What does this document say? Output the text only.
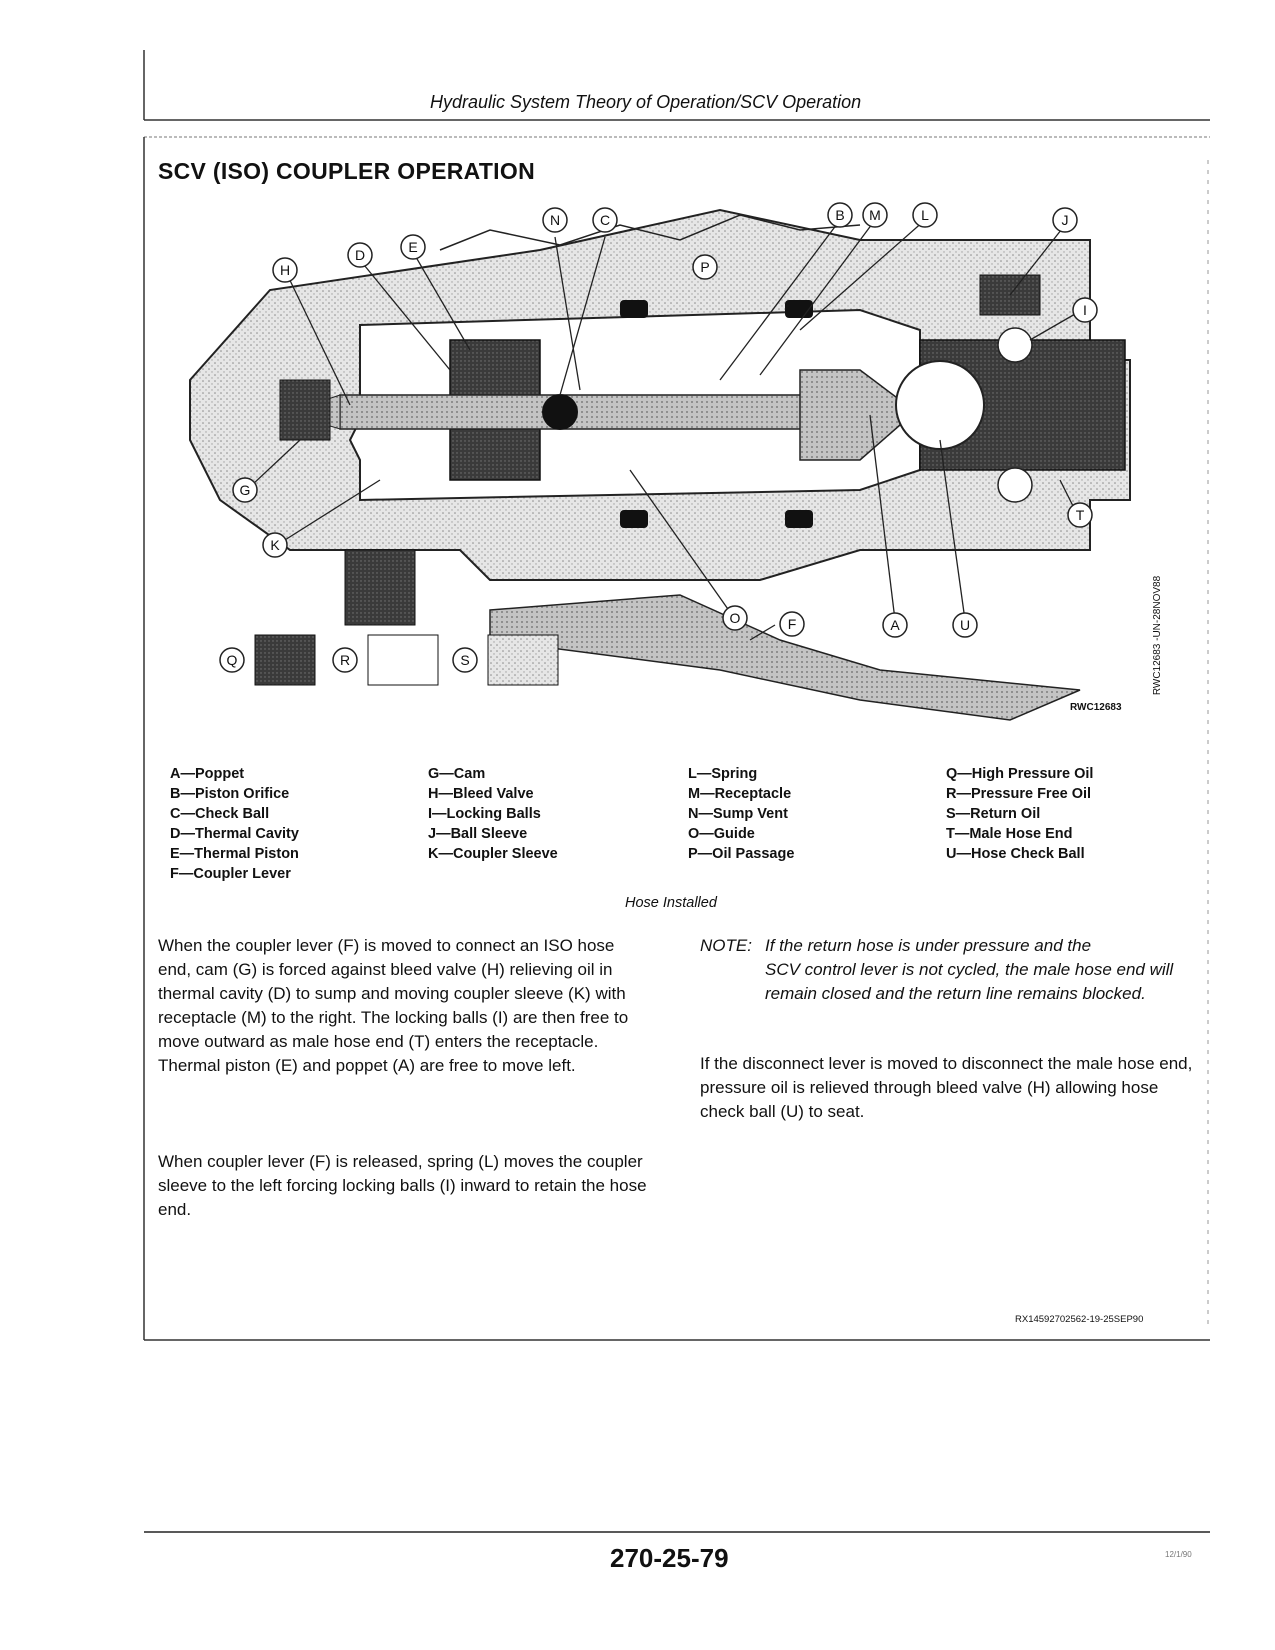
Hydraulic System Theory of Operation/SCV Operation
SCV (ISO) COUPLER OPERATION
N	C
D	E
H	P
B M	L	J
I
G
K
T
O	F	A	U
Q	R	S
RWC12683
RWC12683 -UN-28NOV88
A—Poppet
B—Piston Orifice
C—Check Ball
D—Thermal Cavity
E—Thermal Piston
F—Coupler Lever
G—Cam
H—Bleed Valve
I—Locking Balls
J—Ball Sleeve
K—Coupler Sleeve
L—Spring
M—Receptacle
N—Sump Vent
O—Guide
P—Oil Passage
Q—High Pressure Oil
R—Pressure Free Oil
S—Return Oil
T—Male Hose End
U—Hose Check Ball
Hose Installed
When the coupler lever (F) is moved to connect an ISO hose end, cam (G) is forced against bleed valve (H) relieving oil in thermal cavity (D) to sump and moving coupler sleeve (K) with receptacle (M) to the right. The locking balls (I) are then free to move outward as male hose end (T) enters the receptacle. Thermal piston (E) and poppet (A) are free to move left.
When coupler lever (F) is released, spring (L) moves the coupler sleeve to the left forcing locking balls (I) inward to retain the hose end.
NOTE: If the return hose is under pressure and the
SCV control lever is not cycled, the male hose end will remain closed and the return line remains blocked.
If the disconnect lever is moved to disconnect the male hose end, pressure oil is relieved through bleed valve (H) allowing hose check ball (U) to seat.
RX14592702562-19-25SEP90
270-25-79	12/1/90
